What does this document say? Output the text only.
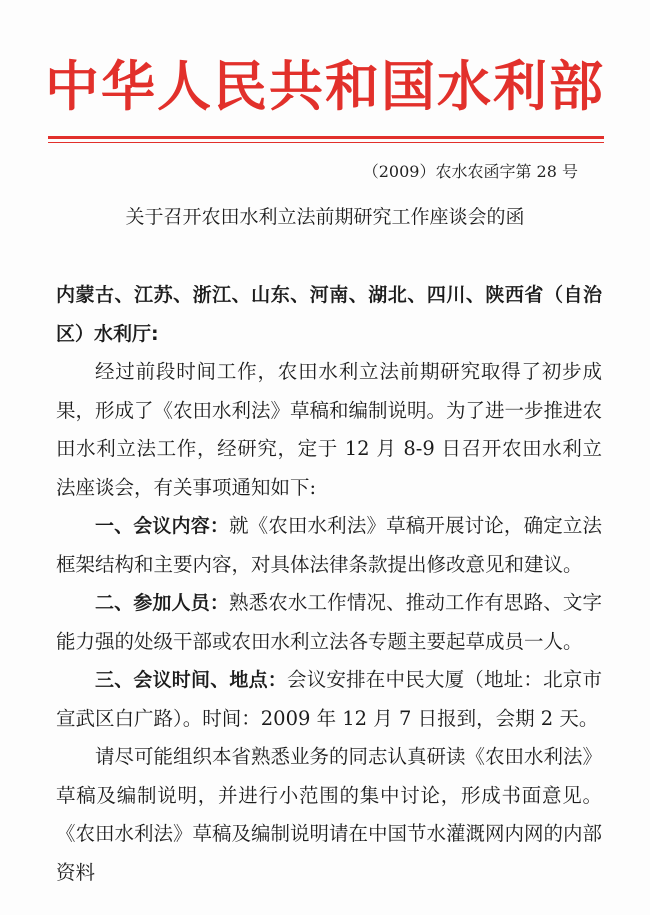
中华人民共和国水利部
（2009）农水农函字第 28 号
关于召开农田水利立法前期研究工作座谈会的函

内蒙古、江苏、浙江、山东、河南、湖北、四川、陕西省（自治区）水利厅:

经过前段时间工作，农田水利立法前期研究取得了初步成果，形成了《农田水利法》草稿和编制说明。为了进一步推进农田水利立法工作，经研究，定于 12 月 8-9 日召开农田水利立法座谈会，有关事项通知如下:

一、会议内容：就《农田水利法》草稿开展讨论，确定立法框架结构和主要内容，对具体法律条款提出修改意见和建议。

二、参加人员：熟悉农水工作情况、推动工作有思路、文字能力强的处级干部或农田水利立法各专题主要起草成员一人。

三、会议时间、地点：会议安排在中民大厦（地址：北京市宣武区白广路）。时间：2009 年 12 月 7 日报到，会期 2 天。

请尽可能组织本省熟悉业务的同志认真研读《农田水利法》草稿及编制说明，并进行小范围的集中讨论，形成书面意见。《农田水利法》草稿及编制说明请在中国节水灌溉网内网的内部资料
